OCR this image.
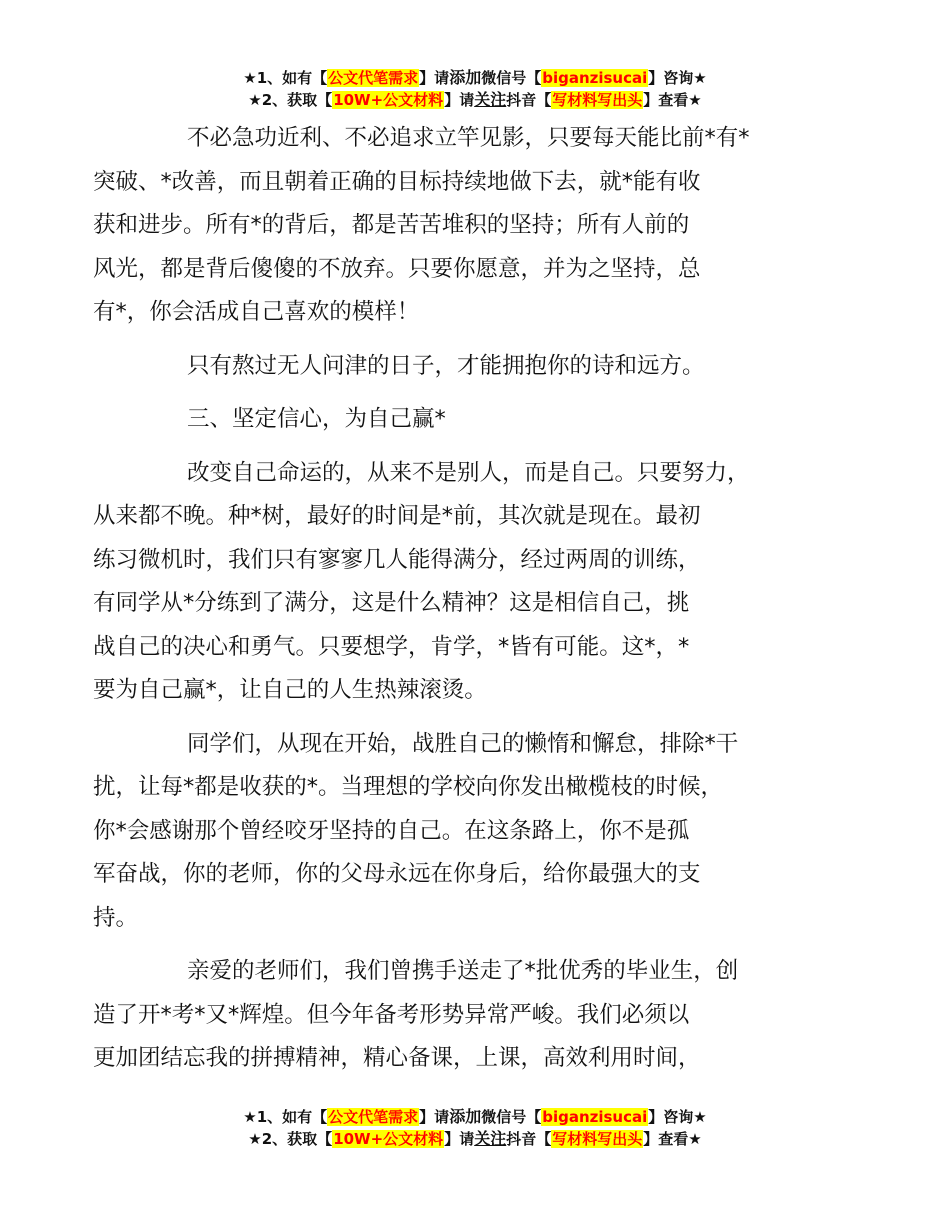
★1、如有【公文代笔需求】请添加微信号【biganzisucai】咨询★
★2、获取【10W+公文材料】请关注抖音【写材料写出头】查看★

不必急功近利、不必追求立竿见影，只要每天能比前*有*
突破、*改善，而且朝着正确的目标持续地做下去，就*能有收
获和进步。所有*的背后，都是苦苦堆积的坚持；所有人前的
风光，都是背后傻傻的不放弃。只要你愿意，并为之坚持，总
有*，你会活成自己喜欢的模样！

只有熬过无人问津的日子，才能拥抱你的诗和远方。

三、坚定信心，为自己赢*

改变自己命运的，从来不是别人，而是自己。只要努力，
从来都不晚。种*树，最好的时间是*前，其次就是现在。最初
练习微机时，我们只有寥寥几人能得满分，经过两周的训练，
有同学从*分练到了满分，这是什么精神？这是相信自己，挑
战自己的决心和勇气。只要想学，肯学，*皆有可能。这*，*
要为自己赢*，让自己的人生热辣滚烫。

同学们，从现在开始，战胜自己的懒惰和懈怠，排除*干
扰，让每*都是收获的*。当理想的学校向你发出橄榄枝的时候，
你*会感谢那个曾经咬牙坚持的自己。在这条路上，你不是孤
军奋战，你的老师，你的父母永远在你身后，给你最强大的支
持。

亲爱的老师们，我们曾携手送走了*批优秀的毕业生，创
造了开*考*又*辉煌。但今年备考形势异常严峻。我们必须以
更加团结忘我的拼搏精神，精心备课，上课，高效利用时间，

★1、如有【公文代笔需求】请添加微信号【biganzisucai】咨询★
★2、获取【10W+公文材料】请关注抖音【写材料写出头】查看★
